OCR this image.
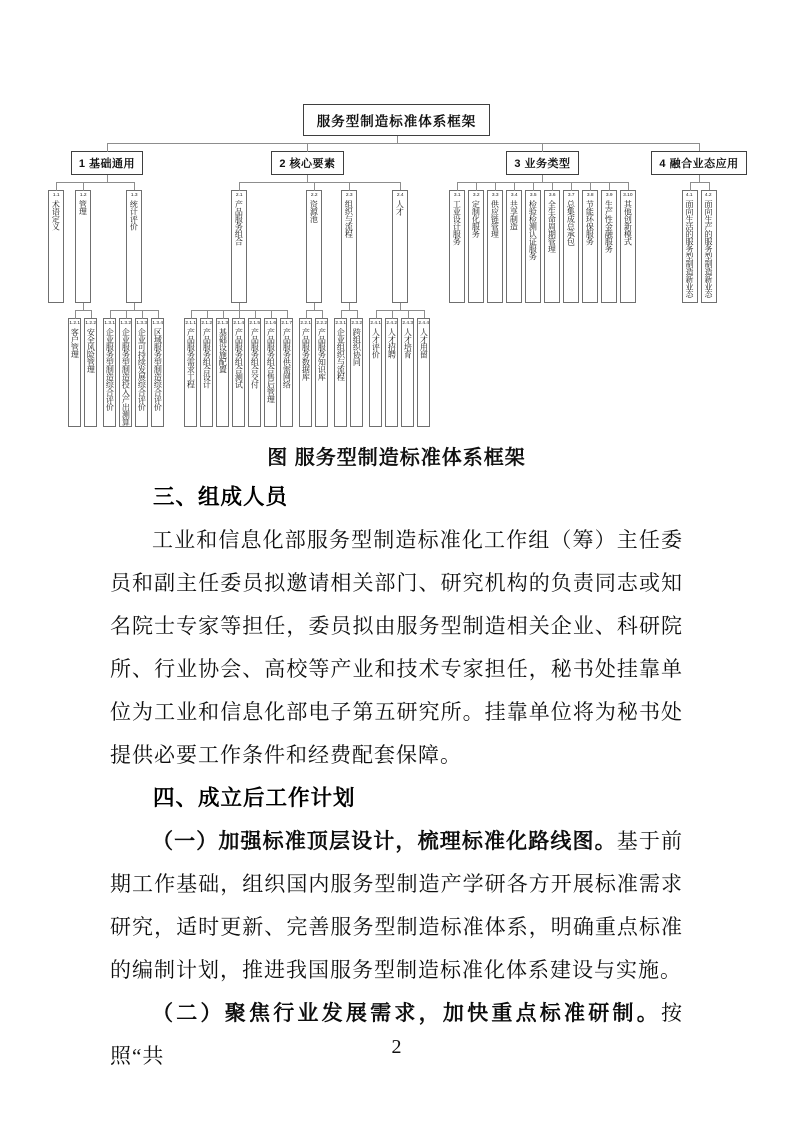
服务型制造标准体系框架
1 基础通用
1.1
术语定义
1.2
管理
1.2.1
客户管理
1.2.2
安全风险管理
1.3
统计评价
1.3.1
企业服务型制造综合评价
1.3.2
企业服务型制造投入产出测算
1.3.3
企业可持续发展综合评价
1.3.4
区域服务型制造综合评价
2 核心要素
2.1
产品服务组合
2.1.1
产品服务需求工程
2.1.2
产品服务组合设计
2.1.3
基础设施配置
2.1.4
产品服务组合测试
2.1.5
产品服务组合交付
2.1.6
产品服务组合售后管理
2.1.7
产品服务供需网络
2.2
资源池
2.2.1
产品服务数据库
2.2.2
产品服务知识库
2.3
组织与流程
2.3.1
企业组织与流程
2.3.2
跨组织协同
2.4
人才
2.4.1
人才评价
2.4.2
人才招聘
2.4.3
人才培育
2.4.4
人才用留
3 业务类型
3.1
工业设计服务
3.2
定制化服务
3.3
供应链管理
3.4
共享制造
3.5
检验检测认证服务
3.6
全生命周期管理
3.7
总集成总承包
3.8
节能环保服务
3.9
生产性金融服务
3.10
其他创新模式
4 融合业态应用
4.1
面向生活的服务型制造新业态
4.2
面向生产的服务型制造新业态
图 服务型制造标准体系框架
三、组成人员

工业和信息化部服务型制造标准化工作组（筹）主任委员和副主任委员拟邀请相关部门、研究机构的负责同志或知名院士专家等担任，委员拟由服务型制造相关企业、科研院所、行业协会、高校等产业和技术专家担任，秘书处挂靠单位为工业和信息化部电子第五研究所。挂靠单位将为秘书处提供必要工作条件和经费配套保障。

四、成立后工作计划

（一）加强标准顶层设计，梳理标准化路线图。基于前期工作基础，组织国内服务型制造产学研各方开展标准需求研究，适时更新、完善服务型制造标准体系，明确重点标准的编制计划，推进我国服务型制造标准化体系建设与实施。

（二）聚焦行业发展需求，加快重点标准研制。按照“共	2
